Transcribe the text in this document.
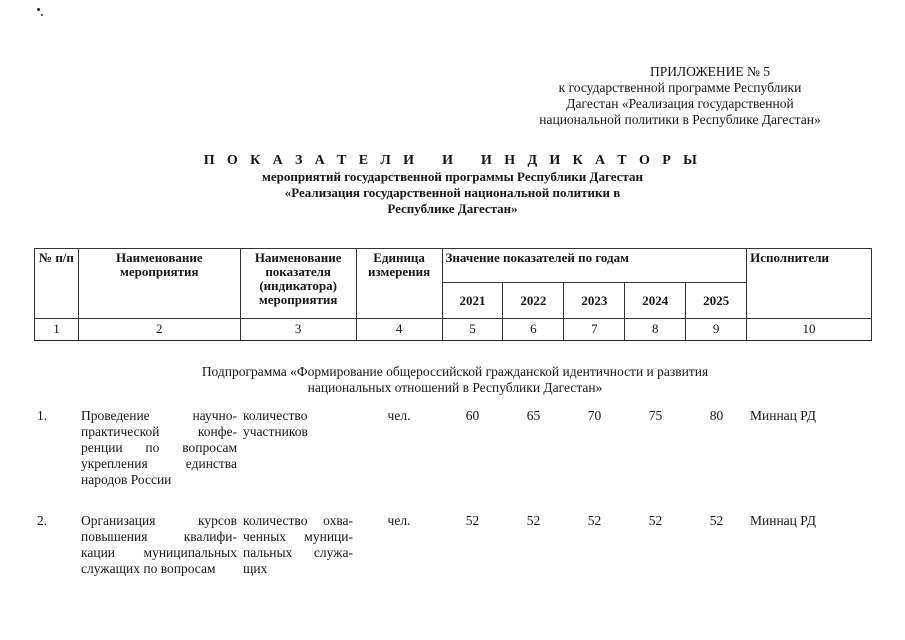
ПРИЛОЖЕНИЕ № 5
к государственной программе Республики
Дагестан «Реализация государственной
национальной политики в Республике Дагестан»
П О К А З А Т Е Л И   И   И Н Д И К А Т О Р Ы
мероприятий государственной программы Республики Дагестан
«Реализация государственной национальной политики в
Республике Дагестан»
№ п/п	Наименование мероприятия	Наименование показателя (индикатора) мероприятия	Единица измерения	Значение показателей по годам					Исполнители
				2021	2022	2023	2024	2025	
1	2	3	4	5	6	7	8	9	10
Подпрограмма «Формирование общероссийской гражданской идентичности и развития
национальных отношений в Республики Дагестан»
1.	Проведение научно-практической конфе-ренции по вопросам укрепления единства народов России	количество участников	чел.	60	65	70	75	80	Миннац РД
2.	Организация курсов повышения квалифи-кации муниципальных служащих по вопросам	количество охва-ченных муници-пальных служа-щих	чел.	52	52	52	52	52	Миннац РД
